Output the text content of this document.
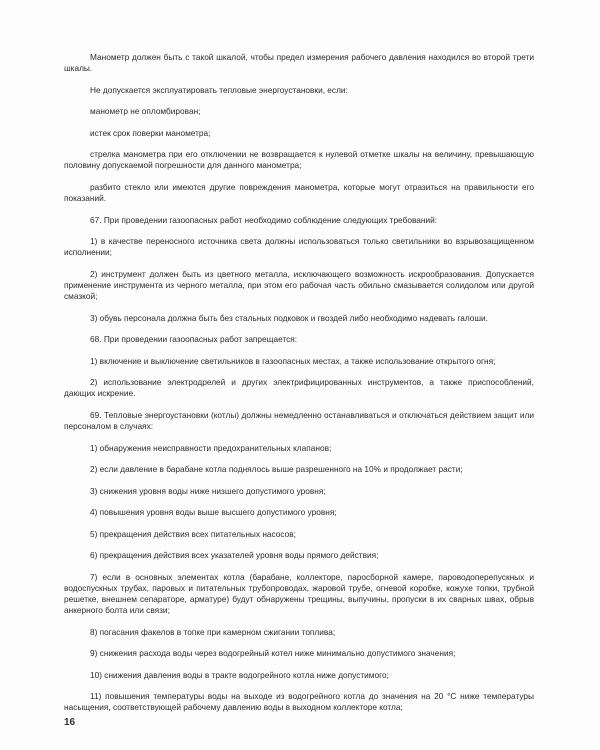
Манометр должен быть с такой шкалой, чтобы предел измерения рабочего давления находился во второй трети шкалы.

Не допускается эксплуатировать тепловые энергоустановки, если:

манометр не опломбирован;

истек срок поверки манометра;

стрелка манометра при его отключении не возвращается к нулевой отметке шкалы на величину, превышающую половину допускаемой погрешности для данного манометра;

разбито стекло или имеются другие повреждения манометра, которые могут отразиться на правильности его показаний.

67. При проведении газоопасных работ необходимо соблюдение следующих требований:

1) в качестве переносного источника света должны использоваться только светильники во взрывозащищенном исполнении;

2) инструмент должен быть из цветного металла, исключающего возможность искрообразования. Допускается применение инструмента из черного металла, при этом его рабочая часть обильно смазывается солидолом или другой смазкой;

3) обувь персонала должна быть без стальных подковок и гвоздей либо необходимо надевать галоши.

68. При проведении газоопасных работ запрещается:

1) включение и выключение светильников в газоопасных местах, а также использование открытого огня;

2) использование электродрелей и других электрифицированных инструментов, а также приспособлений, дающих искрение.

69. Тепловые энергоустановки (котлы) должны немедленно останавливаться и отключаться действием защит или персоналом в случаях:

1) обнаружения неисправности предохранительных клапанов;

2) если давление в барабане котла поднялось выше разрешенного на 10% и продолжает расти;

3) снижения уровня воды ниже низшего допустимого уровня;

4) повышения уровня воды выше высшего допустимого уровня;

5) прекращения действия всех питательных насосов;

6) прекращения действия всех указателей уровня воды прямого действия;

7) если в основных элементах котла (барабане, коллекторе, паросборной камере, пароводоперепускных и водоспускных трубах, паровых и питательных трубопроводах, жаровой трубе, огневой коробке, кожухе топки, трубной решетке, внешнем сепараторе, арматуре) будут обнаружены трещины, выпучины, пропуски в их сварных швах, обрыв анкерного болта или связи;

8) погасания факелов в топке при камерном сжигании топлива;

9) снижения расхода воды через водогрейный котел ниже минимально допустимого значения;

10) снижения давления воды в тракте водогрейного котла ниже допустимого;

11) повышения температуры воды на выходе из водогрейного котла до значения на 20 °С ниже температуры насыщения, соответствующей рабочему давлению воды в выходном коллекторе котла;

16
